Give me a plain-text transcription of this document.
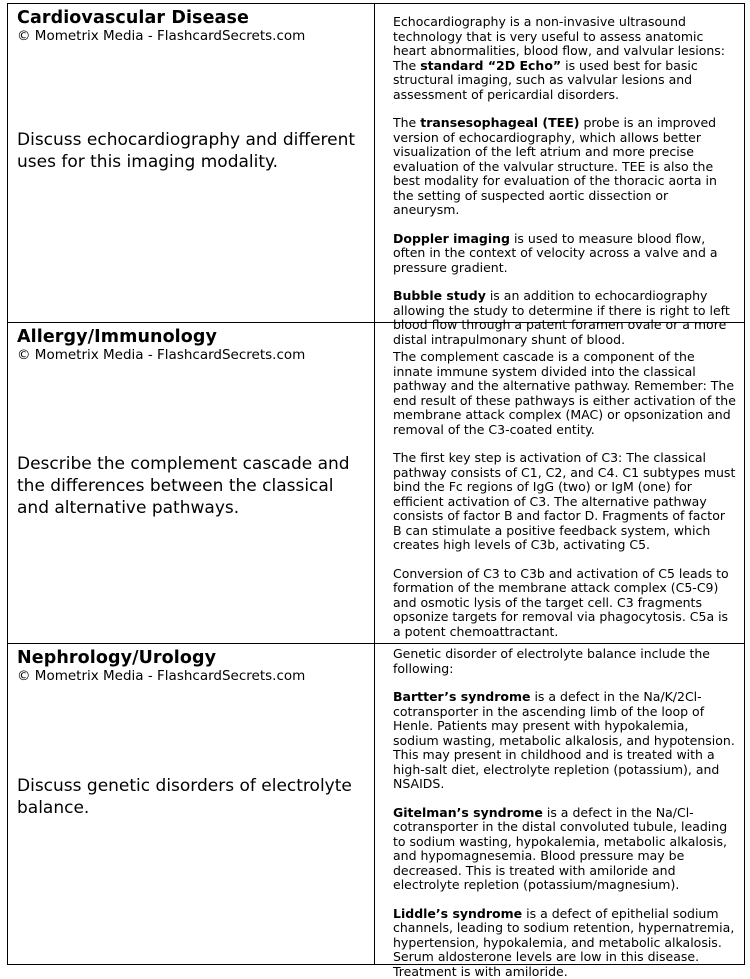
Cardiovascular Disease
© Mometrix Media - FlashcardSecrets.com
Discuss echocardiography and different uses for this imaging modality.

Echocardiography is a non-invasive ultrasound technology that is very useful to assess anatomic heart abnormalities, blood flow, and valvular lesions: The standard “2D Echo” is used best for basic structural imaging, such as valvular lesions and assessment of pericardial disorders.

The transesophageal (TEE) probe is an improved version of echocardiography, which allows better visualization of the left atrium and more precise evaluation of the valvular structure. TEE is also the best modality for evaluation of the thoracic aorta in the setting of suspected aortic dissection or aneurysm.

Doppler imaging is used to measure blood flow, often in the context of velocity across a valve and a pressure gradient.

Bubble study is an addition to echocardiography allowing the study to determine if there is right to left blood flow through a patent foramen ovale or a more distal intrapulmonary shunt of blood.

Allergy/Immunology
© Mometrix Media - FlashcardSecrets.com
Describe the complement cascade and the differences between the classical and alternative pathways.

The complement cascade is a component of the innate immune system divided into the classical pathway and the alternative pathway. Remember: The end result of these pathways is either activation of the membrane attack complex (MAC) or opsonization and removal of the C3-coated entity.

The first key step is activation of C3: The classical pathway consists of C1, C2, and C4. C1 subtypes must bind the Fc regions of IgG (two) or IgM (one) for efficient activation of C3. The alternative pathway consists of factor B and factor D. Fragments of factor B can stimulate a positive feedback system, which creates high levels of C3b, activating C5.

Conversion of C3 to C3b and activation of C5 leads to formation of the membrane attack complex (C5-C9) and osmotic lysis of the target cell. C3 fragments opsonize targets for removal via phagocytosis. C5a is a potent chemoattractant.

Nephrology/Urology
© Mometrix Media - FlashcardSecrets.com
Discuss genetic disorders of electrolyte balance.

Genetic disorder of electrolyte balance include the following:

Bartter’s syndrome is a defect in the Na/K/2Cl-cotransporter in the ascending limb of the loop of Henle. Patients may present with hypokalemia, sodium wasting, metabolic alkalosis, and hypotension. This may present in childhood and is treated with a high-salt diet, electrolyte repletion (potassium), and NSAIDS.

Gitelman’s syndrome is a defect in the Na/Cl-cotransporter in the distal convoluted tubule, leading to sodium wasting, hypokalemia, metabolic alkalosis, and hypomagnesemia. Blood pressure may be decreased. This is treated with amiloride and electrolyte repletion (potassium/magnesium).

Liddle’s syndrome is a defect of epithelial sodium channels, leading to sodium retention, hypernatremia, hypertension, hypokalemia, and metabolic alkalosis. Serum aldosterone levels are low in this disease. Treatment is with amiloride.
